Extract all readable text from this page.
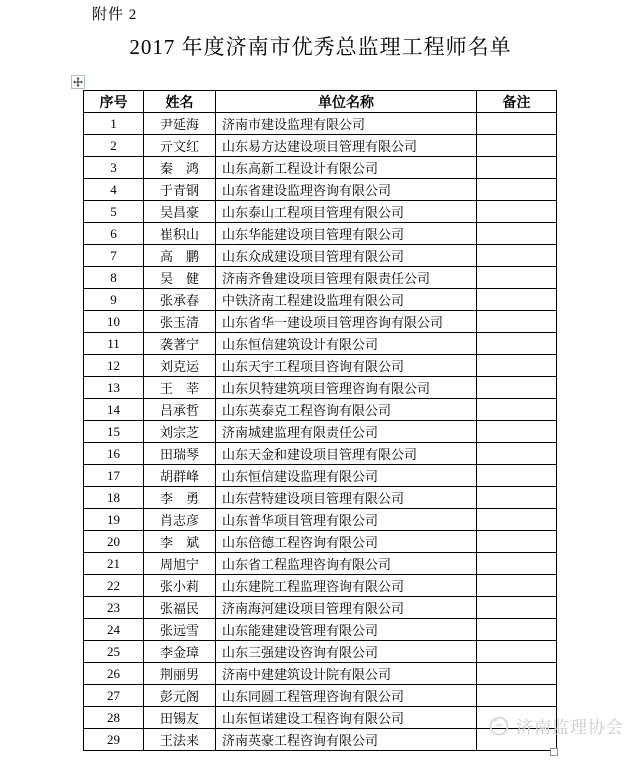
附件 2
2017 年度济南市优秀总监理工程师名单
序号	姓名	单位名称	备注
1	尹延海	济南市建设监理有限公司	
2	亓文红	山东易方达建设项目管理有限公司	
3	秦　鸿	山东高新工程设计有限公司	
4	于青钢	山东省建设监理咨询有限公司	
5	吴昌豪	山东泰山工程项目管理有限公司	
6	崔积山	山东华能建设项目管理有限公司	
7	高　鹏	山东众成建设项目管理有限公司	
8	吴　健	济南齐鲁建设项目管理有限责任公司	
9	张承春	中铁济南工程建设监理有限公司	
10	张玉清	山东省华一建设项目管理咨询有限公司	
11	袭著宁	山东恒信建筑设计有限公司	
12	刘克运	山东天宇工程项目咨询有限公司	
13	王　莘	山东贝特建筑项目管理咨询有限公司	
14	吕承哲	山东英泰克工程咨询有限公司	
15	刘宗芝	济南城建监理有限责任公司	
16	田瑞琴	山东天金和建设项目管理有限公司	
17	胡群峰	山东恒信建设监理有限公司	
18	李　勇	山东营特建设项目管理有限公司	
19	肖志彦	山东普华项目管理有限公司	
20	李　斌	山东倍德工程咨询有限公司	
21	周旭宁	山东省工程监理咨询有限公司	
22	张小莉	山东建院工程监理咨询有限公司	
23	张福民	济南海河建设项目管理有限公司	
24	张远雪	山东能建建设管理有限公司	
25	李金璋	山东三强建设咨询有限公司	
26	荆丽男	济南中建建筑设计院有限公司	
27	彭元阁	山东同圆工程管理咨询有限公司	
28	田锡友	山东恒诺建设工程咨询有限公司	
29	王法来	济南英豪工程咨询有限公司	
济南监理协会
